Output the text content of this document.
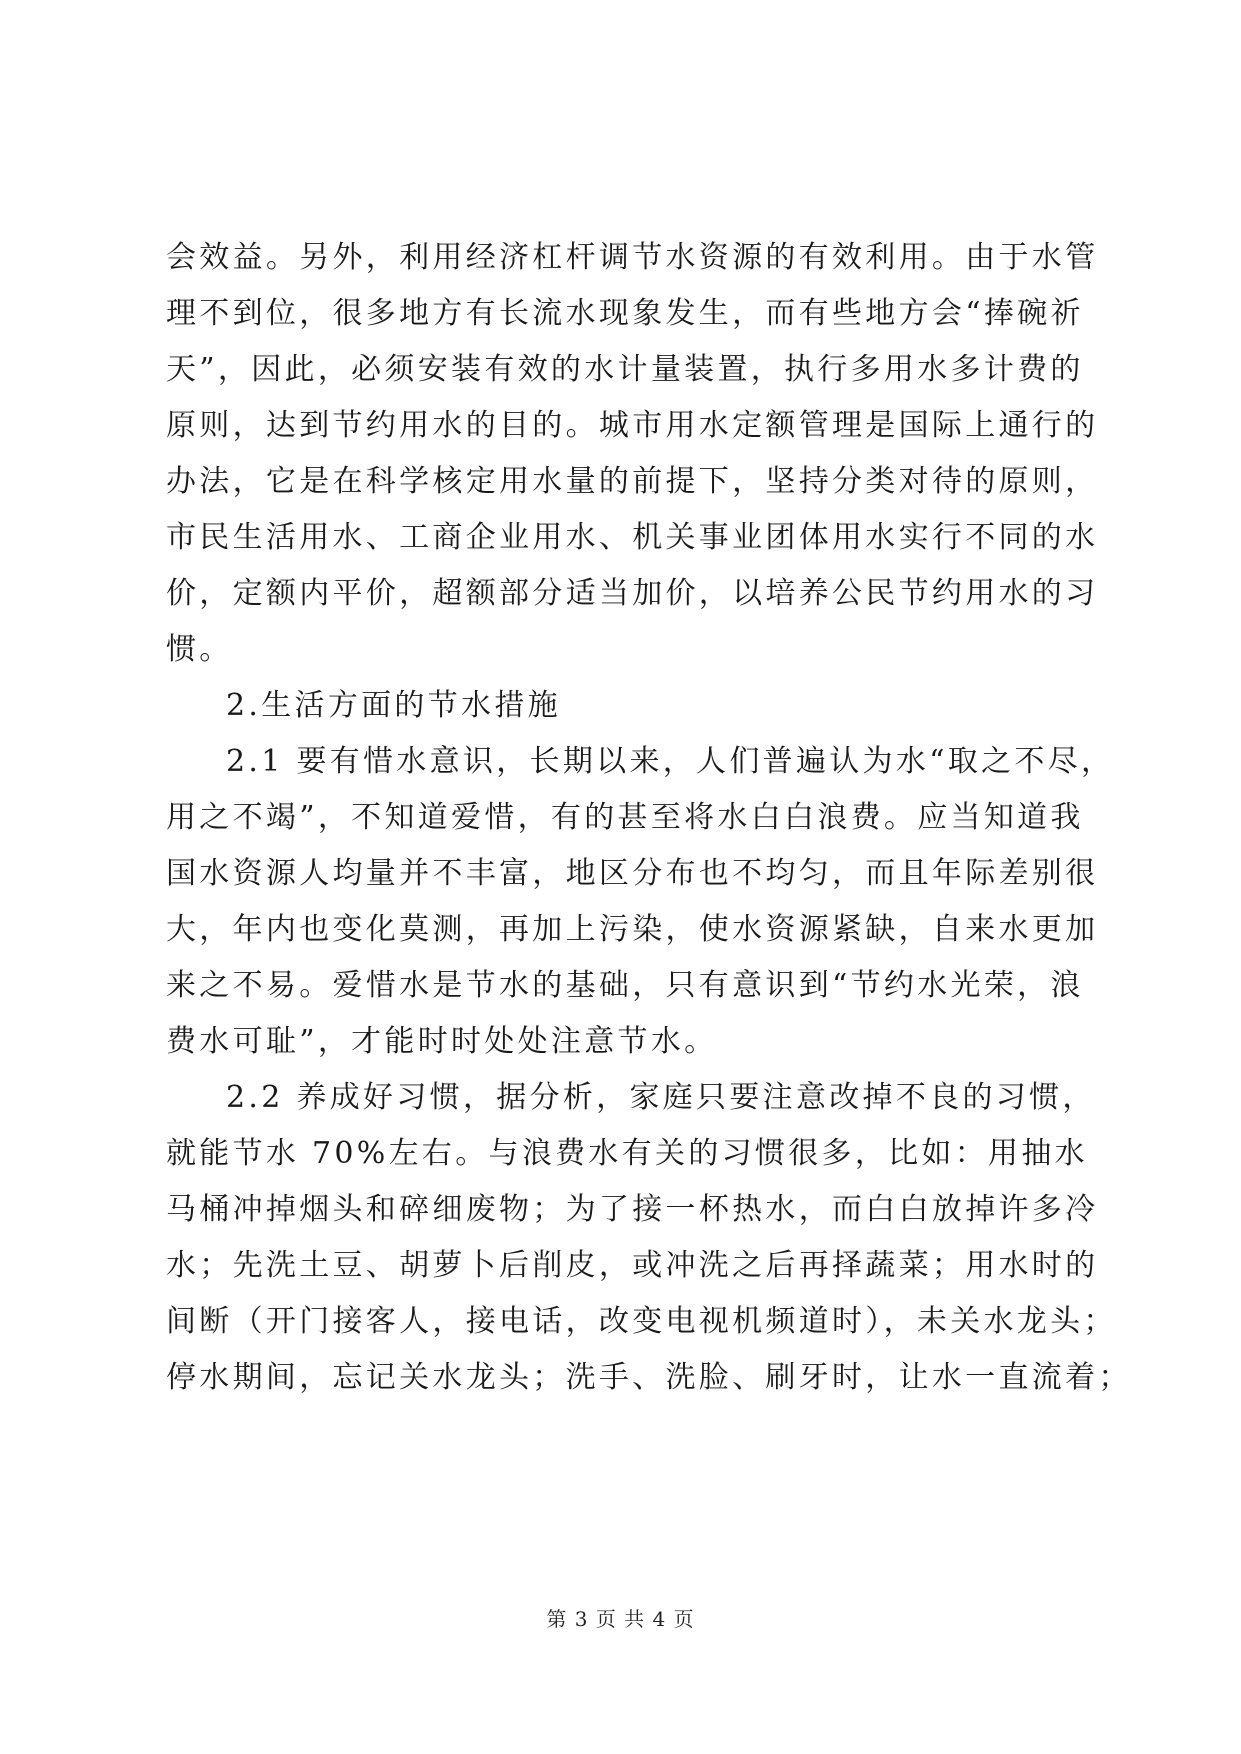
会效益。另外，利用经济杠杆调节水资源的有效利用。由于水管
理不到位，很多地方有长流水现象发生，而有些地方会“捧碗祈
天”，因此，必须安装有效的水计量装置，执行多用水多计费的
原则，达到节约用水的目的。城市用水定额管理是国际上通行的
办法，它是在科学核定用水量的前提下，坚持分类对待的原则，
市民生活用水、工商企业用水、机关事业团体用水实行不同的水
价，定额内平价，超额部分适当加价，以培养公民节约用水的习
惯。
2.生活方面的节水措施
2.1 要有惜水意识，长期以来，人们普遍认为水“取之不尽，
用之不竭”，不知道爱惜，有的甚至将水白白浪费。应当知道我
国水资源人均量并不丰富，地区分布也不均匀，而且年际差别很
大，年内也变化莫测，再加上污染，使水资源紧缺，自来水更加
来之不易。爱惜水是节水的基础，只有意识到“节约水光荣，浪
费水可耻”，才能时时处处注意节水。
2.2 养成好习惯，据分析，家庭只要注意改掉不良的习惯，
就能节水 70%左右。与浪费水有关的习惯很多，比如：用抽水
马桶冲掉烟头和碎细废物；为了接一杯热水，而白白放掉许多冷
水；先洗土豆、胡萝卜后削皮，或冲洗之后再择蔬菜；用水时的
间断（开门接客人，接电话，改变电视机频道时），未关水龙头；
停水期间，忘记关水龙头；洗手、洗脸、刷牙时，让水一直流着；
第 3 页 共 4 页
